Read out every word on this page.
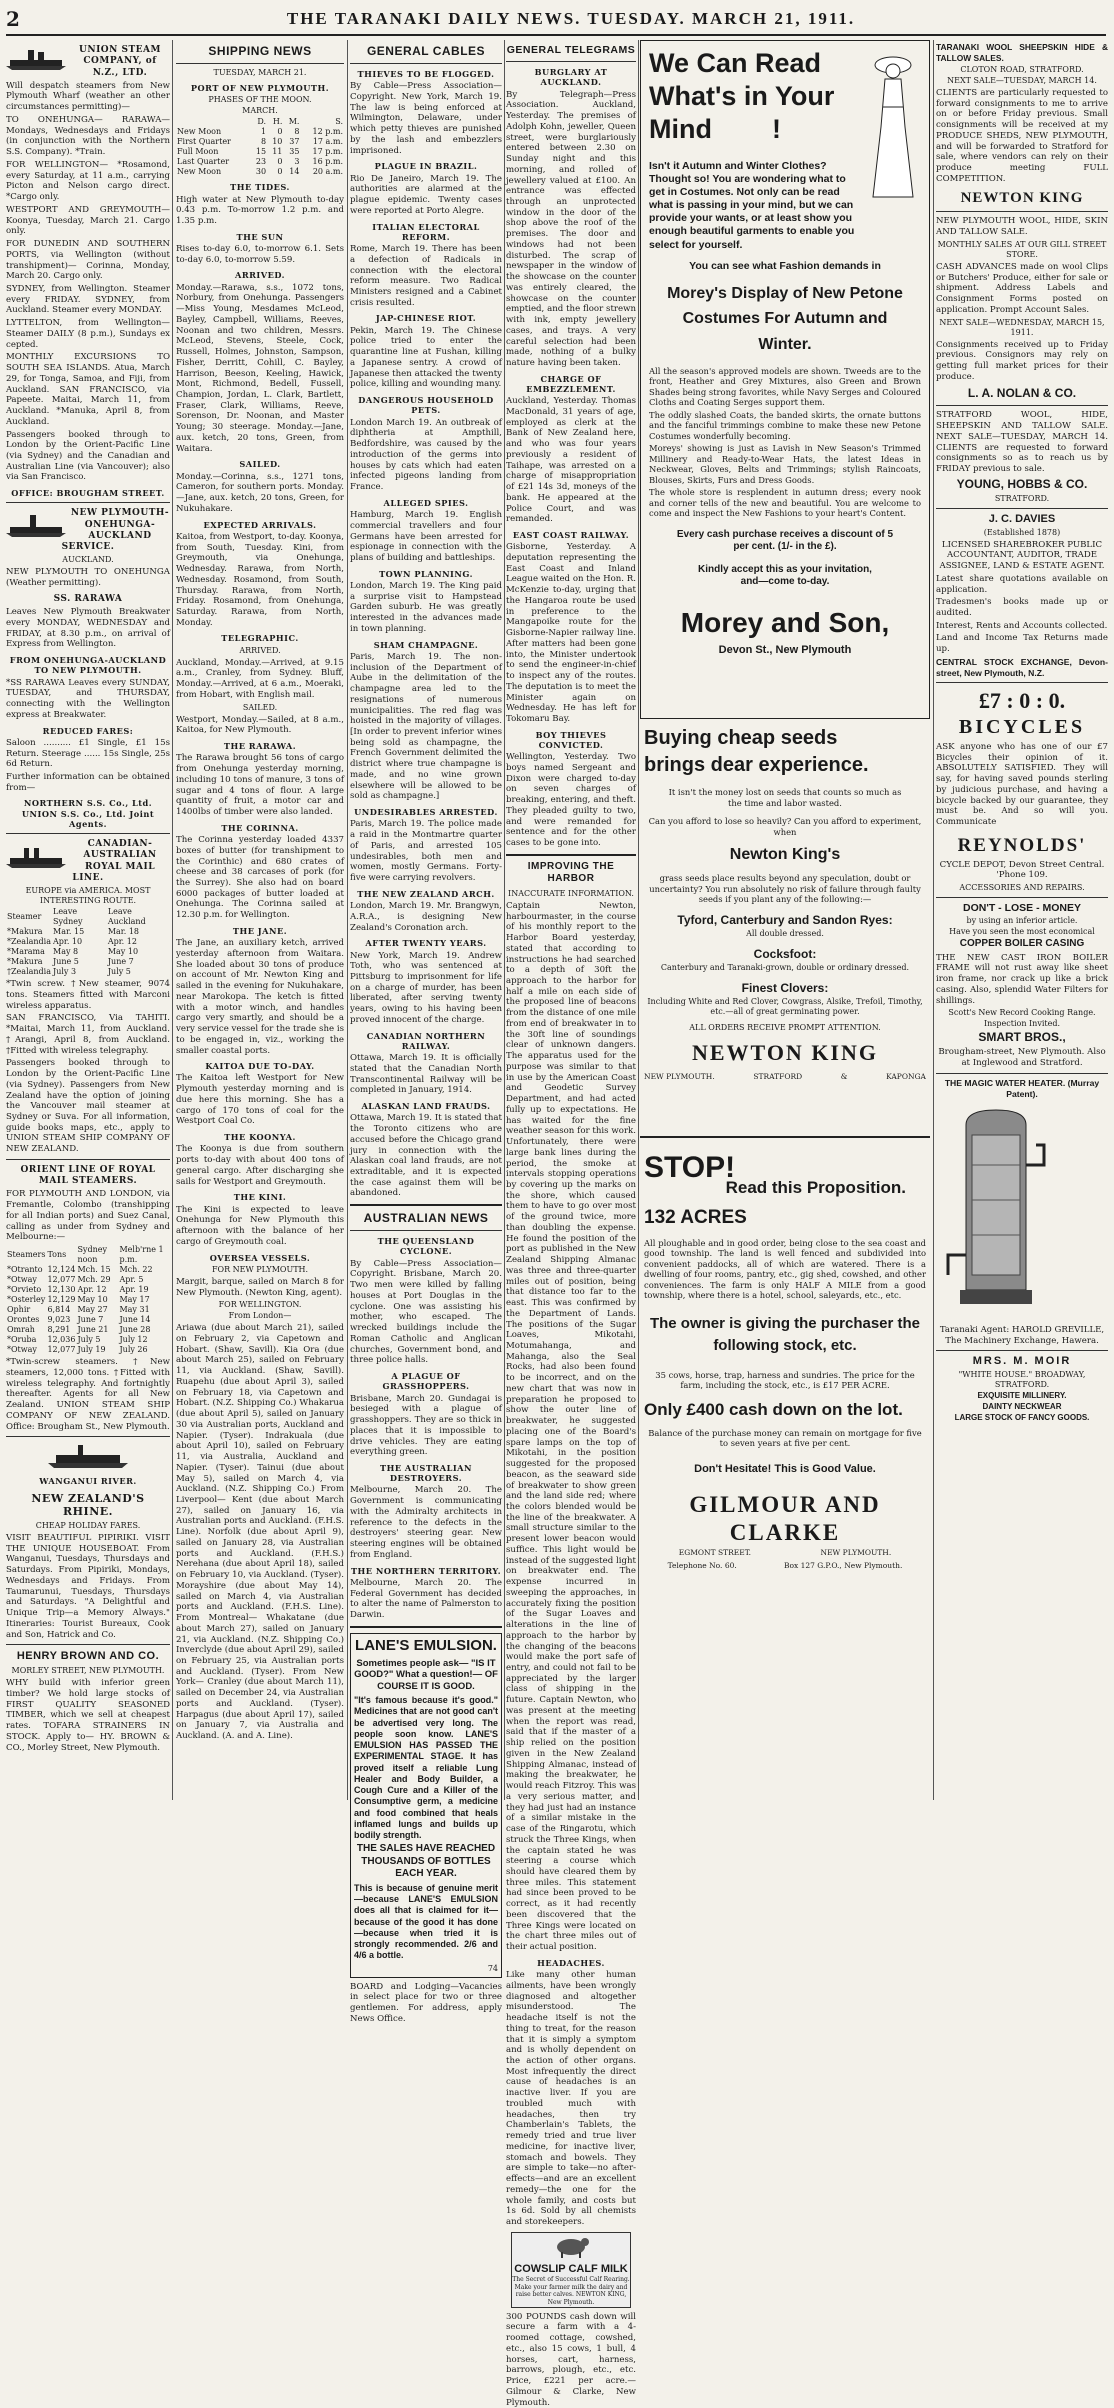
2	THE TARANAKI DAILY NEWS. TUESDAY. MARCH 21, 1911.
UNION STEAM COMPANY, of N.Z., LTD.

Will despatch steamers from New Plymouth Wharf (weather an other circumstances permitting)—

TO ONEHUNGA— RARAWA—Mondays, Wednesdays and Fridays (in conjunction with the Northern S.S. Company). *Train.

FOR WELLINGTON— *Rosamond, every Saturday, at 11 a.m., carrying Picton and Nelson cargo direct. *Cargo only.

WESTPORT AND GREYMOUTH— Koonya, Tuesday, March 21. Cargo only.

FOR DUNEDIN AND SOUTHERN PORTS, via Wellington (without transhipment)— Corinna, Monday, March 20. Cargo only.

SYDNEY, from Wellington. Steamer every FRIDAY. SYDNEY, from Auckland. Steamer every MONDAY.

LYTTELTON, from Wellington— Steamer DAILY (8 p.m.), Sundays ex cepted.

MONTHLY EXCURSIONS TO SOUTH SEA ISLANDS. Atua, March 29, for Tonga, Samoa, and Fiji, from Auckland. SAN FRANCISCO, via Papeete. Maitai, March 11, from Auckland. *Manuka, April 8, from Auckland.

Passengers booked through to London by the Orient-Pacific Line (via Sydney) and the Canadian and Australian Line (via Vancouver); also via San Francisco.

OFFICE: BROUGHAM STREET.
NEW PLYMOUTH-ONEHUNGA-AUCKLAND SERVICE.
AUCKLAND.

NEW PLYMOUTH TO ONEHUNGA (Weather permitting).

SS. RARAWA

Leaves New Plymouth Breakwater every MONDAY, WEDNESDAY and FRIDAY, at 8.30 p.m., on arrival of Express from Wellington.

FROM ONEHUNGA-AUCKLAND TO NEW PLYMOUTH.

*SS RARAWA Leaves every SUNDAY, TUESDAY, and THURSDAY, connecting with the Wellington express at Breakwater.

REDUCED FARES:

Saloon .......... £1 Single, £1 15s Return. Steerage ...... 15s Single, 25s 6d Return.

Further information can be obtained from—

NORTHERN S.S. Co., Ltd. UNION S.S. Co., Ltd. Joint Agents.
CANADIAN-AUSTRALIAN ROYAL MAIL LINE.
EUROPE via AMERICA. MOST INTERESTING ROUTE.
Steamer	Leave Sydney	Leave Auckland
*Makura	Mar. 15	Mar. 18
*Zealandia	Apr. 10	Apr. 12
*Marama	May 8	May 10
*Makura	June 5	June 7
†Zealandia	July 3	July 5

*Twin screw. †New steamer, 9074 tons. Steamers fitted with Marconi wireless apparatus.

SAN FRANCISCO, Via TAHITI. *Maitai, March 11, from Auckland. †Arangi, April 8, from Auckland. †Fitted with wireless telegraphy.

Passengers booked through to London by the Orient-Pacific Line (via Sydney). Passengers from New Zealand have the option of joining the Vancouver mail steamer at Sydney or Suva. For all information, guide books maps, etc., apply to UNION STEAM SHIP COMPANY OF NEW ZEALAND.

ORIENT LINE OF ROYAL MAIL STEAMERS.

FOR PLYMOUTH AND LONDON, via Fremantle, Colombo (transhipping for all Indian ports) and Suez Canal, calling as under from Sydney and Melbourne:—

Steamers	Tons	Sydney noon	Melb'rne 1 p.m.
*Otranto	12,124	Mch. 15	Mch. 22
*Otway	12,077	Mch. 29	Apr. 5
*Orvieto	12,130	Apr. 12	Apr. 19
*Osterley	12,129	May 10	May 17
Ophir	6,814	May 27	May 31
Orontes	9,023	June 7	June 14
Omrah	8,291	June 21	June 28
*Oruba	12,036	July 5	July 12
*Otway	12,077	July 19	July 26

*Twin-screw steamers. †New steamers, 12,000 tons. †Fitted with wireless telegraphy. And fortnightly thereafter. Agents for all New Zealand. UNION STEAM SHIP COMPANY OF NEW ZEALAND. Office: Brougham St., New Plymouth.

WANGANUI RIVER.
NEW ZEALAND'S RHINE.
CHEAP HOLIDAY FARES.

VISIT BEAUTIFUL PIPIRIKI. VISIT THE UNIQUE HOUSEBOAT. From Wanganui, Tuesdays, Thursdays and Saturdays. From Pipiriki, Mondays, Wednesdays and Fridays. From Taumarunui, Tuesdays, Thursdays and Saturdays. "A Delightful and Unique Trip—a Memory Always." Itineraries: Tourist Bureaux, Cook and Son, Hatrick and Co.

HENRY BROWN AND CO.
MORLEY STREET, NEW PLYMOUTH.

WHY build with inferior green timber? We hold large stocks of FIRST QUALITY SEASONED TIMBER, which we sell at cheapest rates. TOFARA STRAINERS IN STOCK. Apply to— HY. BROWN & CO., Morley Street, New Plymouth.

SHIPPING NEWS
TUESDAY, MARCH 21.
PORT OF NEW PLYMOUTH.
PHASES OF THE MOON.
MARCH.
	D.	H.	M.	S.
New Moon	1	0	8	12 p.m.
First Quarter	8	10	37	17 a.m.
Full Moon	15	11	35	17 p.m.
Last Quarter	23	0	3	16 p.m.
New Moon	30	0	14	20 a.m.
THE TIDES.

High water at New Plymouth to-day 0.43 p.m. To-morrow 1.2 p.m. and 1.35 p.m.

THE SUN

Rises to-day 6.0, to-morrow 6.1. Sets to-day 6.0, to-morrow 5.59.

ARRIVED.

Monday.—Rarawa, s.s., 1072 tons, Norbury, from Onehunga. Passengers—Miss Young, Mesdames McLeod, Bayley, Campbell, Williams, Reeves, Noonan and two children, Messrs. McLeod, Stevens, Steele, Cock, Russell, Holmes, Johnston, Sampson, Fisher, Derritt, Cohill, C. Bayley, Harrison, Beeson, Keeling, Hawick, Mont, Richmond, Bedell, Fussell, Champion, Jordan, L. Clark, Bartlett, Fraser, Clark, Williams, Reeve, Sorenson, Dr. Noonan, and Master Young; 30 steerage. Monday.—Jane, aux. ketch, 20 tons, Green, from Waitara.

SAILED.

Monday.—Corinna, s.s., 1271 tons, Cameron, for southern ports. Monday.—Jane, aux. ketch, 20 tons, Green, for Nukuhakare.

EXPECTED ARRIVALS.

Kaitoa, from Westport, to-day. Koonya, from South, Tuesday. Kini, from Greymouth, via Onehunga, Wednesday. Rarawa, from North, Wednesday. Rosamond, from South, Thursday. Rarawa, from North, Friday. Rosamond, from Onehunga, Saturday. Rarawa, from North, Monday.

TELEGRAPHIC.
ARRIVED.

Auckland, Monday.—Arrived, at 9.15 a.m., Cranley, from Sydney. Bluff, Monday.—Arrived, at 6 a.m., Moeraki, from Hobart, with English mail.

SAILED.

Westport, Monday.—Sailed, at 8 a.m., Kaitoa, for New Plymouth.

THE RARAWA.

The Rarawa brought 56 tons of cargo from Onehunga yesterday morning, including 10 tons of manure, 3 tons of sugar and 4 tons of flour. A large quantity of fruit, a motor car and 1400lbs of timber were also landed.

THE CORINNA.

The Corinna yesterday loaded 4337 boxes of butter (for transhipment to the Corinthic) and 680 crates of cheese and 38 carcases of pork (for the Surrey). She also had on board 6000 packages of butter loaded at Onehunga. The Corinna sailed at 12.30 p.m. for Wellington.

THE JANE.

The Jane, an auxiliary ketch, arrived yesterday afternoon from Waitara. She loaded about 30 tons of produce on account of Mr. Newton King and sailed in the evening for Nukuhakare, near Marokopa. The ketch is fitted with a motor winch, and handles cargo very smartly, and should be a very service vessel for the trade she is to be engaged in, viz., working the smaller coastal ports.

KAITOA DUE TO-DAY.

The Kaitoa left Westport for New Plymouth yesterday morning and is due here this morning. She has a cargo of 170 tons of coal for the Westport Coal Co.

THE KOONYA.

The Koonya is due from southern ports to-day with about 400 tons of general cargo. After discharging she sails for Westport and Greymouth.

THE KINI.

The Kini is expected to leave Onehunga for New Plymouth this afternoon with the balance of her cargo of Greymouth coal.

OVERSEA VESSELS.
FOR NEW PLYMOUTH.

Margit, barque, sailed on March 8 for New Plymouth. (Newton King, agent).

FOR WELLINGTON.
From London—

Ariawa (due about March 21), sailed on February 2, via Capetown and Hobart. (Shaw, Savill). Kia Ora (due about March 25), sailed on February 11, via Auckland. (Shaw, Savill). Ruapehu (due about April 3), sailed on February 18, via Capetown and Hobart. (N.Z. Shipping Co.) Whakarua (due about April 5), sailed on January 30 via Australian ports, Auckland and Napier. (Tyser). Indrakuala (due about April 10), sailed on February 11, via Australia, Auckland and Napier. (Tyser). Tainui (due about May 5), sailed on March 4, via Auckland. (N.Z. Shipping Co.) From Liverpool— Kent (due about March 27), sailed on January 16, via Australian ports and Auckland. (F.H.S. Line). Norfolk (due about April 9), sailed on January 28, via Australian ports and Auckland. (F.H.S.) Nerehana (due about April 18), sailed on February 10, via Auckland. (Tyser). Morayshire (due about May 14), sailed on March 4, via Australian ports and Auckland. (F.H.S. Line). From Montreal— Whakatane (due about March 27), sailed on January 21, via Auckland. (N.Z. Shipping Co.) Inverclyde (due about April 29), sailed on February 25, via Australian ports and Auckland. (Tyser). From New York— Cranley (due about March 11), sailed on December 24, via Australian ports and Auckland. (Tyser). Harpagus (due about April 17), sailed on January 7, via Australia and Auckland. (A. and A. Line).

GENERAL CABLES
THIEVES TO BE FLOGGED.

By Cable—Press Association—Copyright. New York, March 19. The law is being enforced at Wilmington, Delaware, under which petty thieves are punished by the lash and embezzlers imprisoned.

PLAGUE IN BRAZIL.

Rio De Janeiro, March 19. The authorities are alarmed at the plague epidemic. Twenty cases were reported at Porto Alegre.

ITALIAN ELECTORAL REFORM.

Rome, March 19. There has been a defection of Radicals in connection with the electoral reform measure. Two Radical Ministers resigned and a Cabinet crisis resulted.

JAP-CHINESE RIOT.

Pekin, March 19. The Chinese police tried to enter the quarantine line at Fushan, killing a Japanese sentry. A crowd of Japanese then attacked the twenty police, killing and wounding many.

DANGEROUS HOUSEHOLD PETS.

London March 19. An outbreak of diphtheria at Ampthill, Bedfordshire, was caused by the introduction of the germs into houses by cats which had eaten infected pigeons landing from France.

ALLEGED SPIES.

Hamburg, March 19. English commercial travellers and four Germans have been arrested for espionage in connection with the plans of building and battleships.

TOWN PLANNING.

London, March 19. The King paid a surprise visit to Hampstead Garden suburb. He was greatly interested in the advances made in town planning.

SHAM CHAMPAGNE.

Paris, March 19. The non-inclusion of the Department of Aube in the delimitation of the champagne area led to the resignations of numerous municipalities. The red flag was hoisted in the majority of villages. [In order to prevent inferior wines being sold as champagne, the French Government delimited the district where true champagne is made, and no wine grown elsewhere will be allowed to be sold as champagne.]

UNDESIRABLES ARRESTED.

Paris, March 19. The police made a raid in the Montmartre quarter of Paris, and arrested 105 undesirables, both men and women, mostly Germans. Forty-five were carrying revolvers.

THE NEW ZEALAND ARCH.

London, March 19. Mr. Brangwyn, A.R.A., is designing New Zealand's Coronation arch.

AFTER TWENTY YEARS.

New York, March 19. Andrew Toth, who was sentenced at Pittsburg to imprisonment for life on a charge of murder, has been liberated, after serving twenty years, owing to his having been proved innocent of the charge.

CANADIAN NORTHERN RAILWAY.

Ottawa, March 19. It is officially stated that the Canadian North Transcontinental Railway will be completed in January, 1914.

ALASKAN LAND FRAUDS.

Ottawa, March 19. It is stated that the Toronto citizens who are accused before the Chicago grand jury in connection with the Alaskan coal land frauds, are not extraditable, and it is expected the case against them will be abandoned.

AUSTRALIAN NEWS
THE QUEENSLAND CYCLONE.

By Cable—Press Association—Copyright. Brisbane, March 20. Two men were killed by falling houses at Port Douglas in the cyclone. One was assisting his mother, who escaped. The wrecked buildings include the Roman Catholic and Anglican churches, Government bond, and three police halls.

A PLAGUE OF GRASSHOPPERS.

Brisbane, March 20. Gundagai is besieged with a plague of grasshoppers. They are so thick in places that it is impossible to drive vehicles. They are eating everything green.

THE AUSTRALIAN DESTROYERS.

Melbourne, March 20. The Government is communicating with the Admiralty architects in reference to the defects in the destroyers' steering gear. New steering engines will be obtained from England.

THE NORTHERN TERRITORY.

Melbourne, March 20. The Federal Government has decided to alter the name of Palmerston to Darwin.

LANE'S EMULSION.

Sometimes people ask— "IS IT GOOD?" What a question!— OF COURSE IT IS GOOD.

"It's famous because it's good." Medicines that are not good can't be advertised very long. The people soon know. LANE'S EMULSION HAS PASSED THE EXPERIMENTAL STAGE. It has proved itself a reliable Lung Healer and Body Builder, a Cough Cure and a Killer of the Consumptive germ, a medicine and food combined that heals inflamed lungs and builds up bodily strength.

THE SALES HAVE REACHED THOUSANDS OF BOTTLES EACH YEAR.

This is because of genuine merit —because LANE'S EMULSION does all that is claimed for it— because of the good it has done —because when tried it is strongly recommended. 2/6 and 4/6 a bottle.

74

BOARD and Lodging—Vacancies in select place for two or three gentlemen. For address, apply News Office.

GENERAL TELEGRAMS
BURGLARY AT AUCKLAND.

By Telegraph—Press Association. Auckland, Yesterday. The premises of Adolph Kohn, jeweller, Queen street, were burglariously entered between 2.30 on Sunday night and this morning, and rolled of jewellery valued at £100. An entrance was effected through an unprotected window in the door of the shop above the roof of the premises. The door and windows had not been disturbed. The scrap of newspaper in the window of the showcase on the counter was entirely cleared, the showcase on the counter emptied, and the floor strewn with ink, empty jewellery cases, and trays. A very careful selection had been made, nothing of a bulky nature having been taken.

CHARGE OF EMBEZZLEMENT.

Auckland, Yesterday. Thomas MacDonald, 31 years of age, employed as clerk at the Bank of New Zealand here, and who was four years previously a resident of Taihape, was arrested on a charge of misappropriation of £21 14s 3d, moneys of the bank. He appeared at the Police Court, and was remanded.

EAST COAST RAILWAY.

Gisborne, Yesterday. A deputation representing the East Coast and Inland League waited on the Hon. R. McKenzie to-day, urging that the Hangaroa route be used in preference to the Mangapoike route for the Gisborne-Napier railway line. After matters had been gone into, the Minister undertook to send the engineer-in-chief to inspect any of the routes. The deputation is to meet the Minister again on Wednesday. He has left for Tokomaru Bay.

BOY THIEVES CONVICTED.

Wellington, Yesterday. Two boys named Sergeant and Dixon were charged to-day on seven charges of breaking, entering, and theft. They pleaded guilty to two, and were remanded for sentence and for the other cases to be gone into.

IMPROVING THE HARBOR
INACCURATE INFORMATION.

Captain Newton, harbourmaster, in the course of his monthly report to the Harbor Board yesterday, stated that according to instructions he had searched to a depth of 30ft the approach to the harbor for half a mile on each side of the proposed line of beacons from the distance of one mile from end of breakwater in to the 30ft line of soundings clear of unknown dangers. The apparatus used for the purpose was similar to that in use by the American Coast and Geodetic Survey Department, and had acted fully up to expectations. He has waited for the fine weather season for this work. Unfortunately, there were large bank lines during the period, the smoke at intervals stopping operations by covering up the marks on the shore, which caused them to have to go over most of the ground twice, more than doubling the expense. He found the position of the port as published in the New Zealand Shipping Almanac was three and three-quarter miles out of position, being that distance too far to the east. This was confirmed by the Department of Lands. The positions of the Sugar Loaves, Mikotahi, Motumahanga, and Mahanga, also the Seal Rocks, had also been found to be incorrect, and on the new chart that was now in preparation he proposed to show the outer line of breakwater, he suggested placing one of the Board's spare lamps on the top of Mikotahi, in the position suggested for the proposed beacon, as the seaward side of breakwater to show green and the land side red; where the colors blended would be the line of the breakwater. A small structure similar to the present lower beacon would suffice. This light would be instead of the suggested light on breakwater end. The expense incurred in sweeping the approaches, in accurately fixing the position of the Sugar Loaves and alterations in the line of approach to the harbor by the changing of the beacons would make the port safe of entry, and could not fail to be appreciated by the larger class of shipping in the future. Captain Newton, who was present at the meeting when the report was read, said that if the master of a ship relied on the position given in the New Zealand Shipping Almanac, instead of making the breakwater, he would reach Fitzroy. This was a very serious matter, and they had just had an instance of a similar mistake in the case of the Ringarotu, which struck the Three Kings, when the captain stated he was steering a course which should have cleared them by three miles. This statement had since been proved to be correct, as it had recently been discovered that the Three Kings were located on the chart three miles out of their actual position.

HEADACHES.

Like many other human ailments, have been wrongly diagnosed and altogether misunderstood. The headache itself is not the thing to treat, for the reason that it is simply a symptom and is wholly dependent on the action of other organs. Most infrequently the direct cause of headaches is an inactive liver. If you are troubled much with headaches, then try Chamberlain's Tablets, the remedy tried and true liver medicine, for inactive liver, stomach and bowels. They are simple to take—no after-effects—and are an excellent remedy—the one for the whole family, and costs but 1s 6d. Sold by all chemists and storekeepers.

COWSLIP CALF MILK
The Secret of Successful Calf Rearing. Make your farmer milk the dairy and raise better calves. NEWTON KING, New Plymouth.

300 POUNDS cash down will secure a farm with a 4-roomed cottage, cowshed, etc., also 15 cows, 1 bull, 4 horses, cart, harness, barrows, plough, etc., etc. Price, £221 per acre.—Gilmour & Clarke, New Plymouth.

We Can Read
What's in Your
Mind !

Isn't it Autumn and Winter Clothes? Thought so! You are wondering what to get in Costumes. Not only can be read what is passing in your mind, but we can provide your wants, or at least show you enough beautiful garments to enable you select for yourself.

You can see what Fashion demands in

Morey's Display of New Petone Costumes For Autumn and Winter.

All the season's approved models are shown. Tweeds are to the front, Heather and Grey Mixtures, also Green and Brown Shades being strong favorites, while Navy Serges and Coloured Cloths and Coating Serges support them.

The oddly slashed Coats, the banded skirts, the ornate buttons and the fanciful trimmings combine to make these new Petone Costumes wonderfully becoming.

Moreys' showing is just as Lavish in New Season's Trimmed Millinery and Ready-to-Wear Hats, the latest Ideas in Neckwear, Gloves, Belts and Trimmings; stylish Raincoats, Blouses, Skirts, Furs and Dress Goods.

The whole store is resplendent in autumn dress; every nook and corner tells of the new and beautiful. You are welcome to come and inspect the New Fashions to your heart's Content.

Every cash purchase receives a discount of 5 per cent. (1/- in the £).

Kindly accept this as your invitation, and—come to-day.

Morey and Son,
Devon St., New Plymouth
Buying cheap seeds
brings dear experience.

It isn't the money lost on seeds that counts so much as the time and labor wasted.

Can you afford to lose so heavily? Can you afford to experiment, when

Newton King's

grass seeds place results beyond any speculation, doubt or uncertainty? You run absolutely no risk of failure through faulty seeds if you plant any of the following:—

Tyford, Canterbury and Sandon Ryes:
All double dressed.
Cocksfoot:
Canterbury and Taranaki-grown, double or ordinary dressed.
Finest Clovers:
Including White and Red Clover, Cowgrass, Alsike, Trefoil, Timothy, etc.—all of great germinating power.
ALL ORDERS RECEIVE PROMPT ATTENTION.
NEWTON KING
NEW PLYMOUTH.	STRATFORD	&	KAPONGA
STOP!
Read this Proposition.
132 ACRES

All ploughable and in good order, being close to the sea coast and good township. The land is well fenced and subdivided into convenient paddocks, all of which are watered. There is a dwelling of four rooms, pantry, etc., gig shed, cowshed, and other conveniences. The farm is only HALF A MILE from a good township, where there is a hotel, school, saleyards, etc., etc.

The owner is giving the purchaser the following stock, etc.

35 cows, horse, trap, harness and sundries. The price for the farm, including the stock, etc., is £17 PER ACRE.

Only £400 cash down on the lot.

Balance of the purchase money can remain on mortgage for five to seven years at five per cent.

Don't Hesitate! This is Good Value.
GILMOUR AND CLARKE
EGMONT STREET.	NEW PLYMOUTH.
Telephone No. 60.	Box 127 G.P.O., New Plymouth.

TARANAKI WOOL SHEEPSKIN HIDE & TALLOW SALES.

CLOTON ROAD, STRATFORD.
NEXT SALE—TUESDAY, MARCH 14.

CLIENTS are particularly requested to forward consignments to me to arrive on or before Friday previous. Small consignments will be received at my PRODUCE SHEDS, NEW PLYMOUTH, and will be forwarded to Stratford for sale, where vendors can rely on their produce meeting FULL COMPETITION.

NEWTON KING

NEW PLYMOUTH WOOL, HIDE, SKIN AND TALLOW SALE.

MONTHLY SALES AT OUR GILL STREET STORE.

CASH ADVANCES made on wool Clips or Butchers' Produce, either for sale or shipment. Address Labels and Consignment Forms posted on application. Prompt Account Sales.

NEXT SALE—WEDNESDAY, MARCH 15, 1911.

Consignments received up to Friday previous. Consignors may rely on getting full market prices for their produce.

L. A. NOLAN & CO.

STRATFORD WOOL, HIDE, SHEEPSKIN AND TALLOW SALE. NEXT SALE—TUESDAY, MARCH 14. CLIENTS are requested to forward consignments so as to reach us by FRIDAY previous to sale.

YOUNG, HOBBS & CO.
STRATFORD.
J. C. DAVIES
(Established 1878)

LICENSED SHAREBROKER PUBLIC ACCOUNTANT, AUDITOR, TRADE ASSIGNEE, LAND & ESTATE AGENT.

Latest share quotations available on application.

Tradesmen's books made up or audited.

Interest, Rents and Accounts collected.

Land and Income Tax Returns made up.

CENTRAL STOCK EXCHANGE, Devon-street, New Plymouth, N.Z.

£7 : 0 : 0.
BICYCLES

ASK anyone who has one of our £7 Bicycles their opinion of it. ABSOLUTELY SATISFIED. They will say, for having saved pounds sterling by judicious purchase, and having a bicycle backed by our guarantee, they must be. And so will you. Communicate

REYNOLDS'

CYCLE DEPOT, Devon Street Central. 'Phone 109.

ACCESSORIES AND REPAIRS.
DON'T - LOSE - MONEY
by using an inferior article.
Have you seen the most economical
COPPER BOILER CASING

THE NEW CAST IRON BOILER FRAME will not rust away like sheet iron frame, nor crack up like a brick casing. Also, splendid Water Filters for shillings.

Scott's New Record Cooking Range.
Inspection Invited.
SMART BROS.,

Brougham-street, New Plymouth. Also at Inglewood and Stratford.

THE MAGIC WATER HEATER. (Murray Patent).

Taranaki Agent: HAROLD GREVILLE, The Machinery Exchange, Hawera.

MRS. M. MOIR
"WHITE HOUSE." BROADWAY, STRATFORD.
EXQUISITE MILLINERY.
DAINTY NECKWEAR
LARGE STOCK OF FANCY GOODS.
